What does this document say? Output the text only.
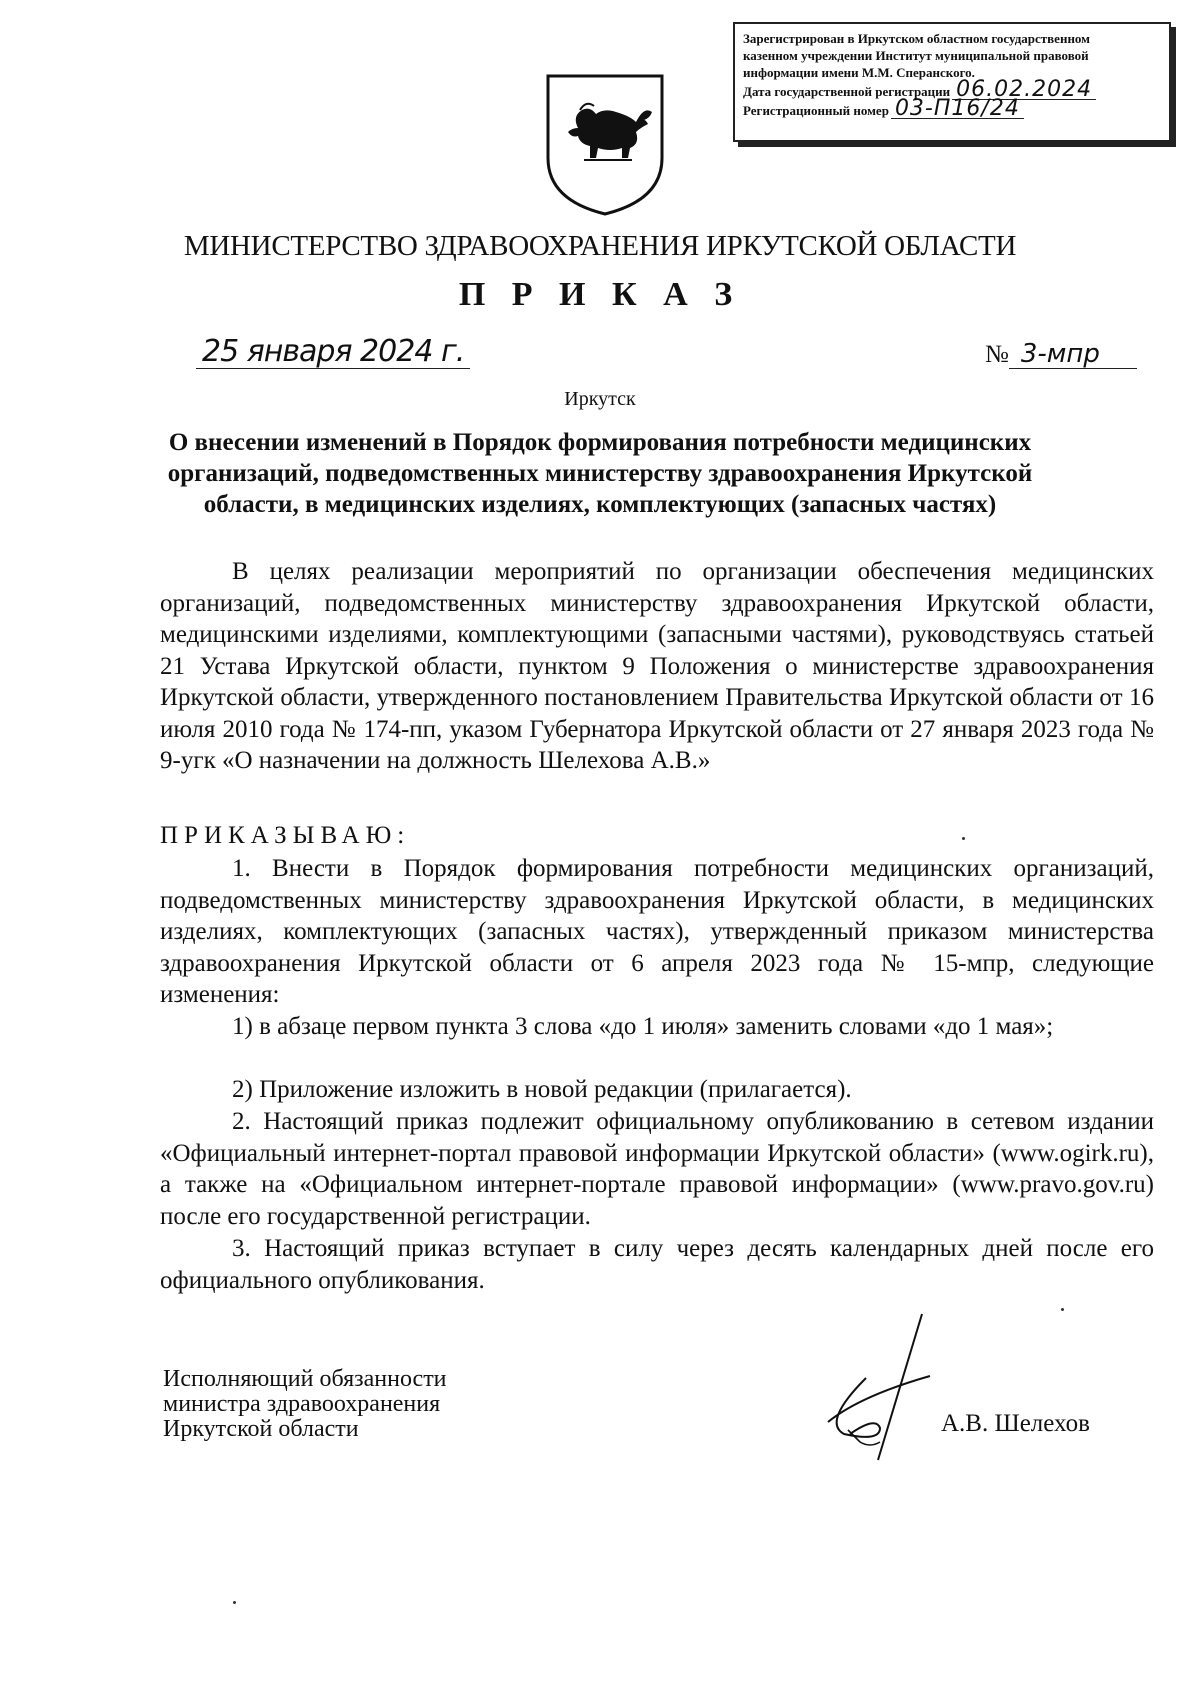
Зарегистрирован в Иркутском областном государственном
казенном учреждении Институт муниципальной правовой
информации имени М.М. Сперанского.
Дата государственной регистрации 06.02.2024
Регистрационный номер 03-П16/24
МИНИСТЕРСТВО ЗДРАВООХРАНЕНИЯ ИРКУТСКОЙ ОБЛАСТИ
П Р И К А З
25 января 2024 г.	№ 3-мпр
Иркутск
О внесении изменений в Порядок формирования потребности медицинских организаций, подведомственных министерству здравоохранения Иркутской области, в медицинских изделиях, комплектующих (запасных частях)
В целях реализации мероприятий по организации обеспечения медицинских организаций, подведомственных министерству здравоохранения Иркутской области, медицинскими изделиями, комплектующими (запасными частями), руководствуясь статьей 21 Устава Иркутской области, пунктом 9 Положения о министерстве здравоохранения Иркутской области, утвержденного постановлением Правительства Иркутской области от 16 июля 2010 года № 174-пп, указом Губернатора Иркутской области от 27 января 2023 года № 9-угк «О назначении на должность Шелехова А.В.»
ПРИКАЗЫВАЮ:
1. Внести в Порядок формирования потребности медицинских организаций, подведомственных министерству здравоохранения Иркутской области, в медицинских изделиях, комплектующих (запасных частях), утвержденный приказом министерства здравоохранения Иркутской области от 6 апреля 2023 года № 15-мпр, следующие изменения:
1) в абзаце первом пункта 3 слова «до 1 июля» заменить словами «до 1 мая»;
2) Приложение изложить в новой редакции (прилагается).
2. Настоящий приказ подлежит официальному опубликованию в сетевом издании «Официальный интернет-портал правовой информации Иркутской области» (www.ogirk.ru), а также на «Официальном интернет-портале правовой информации» (www.pravo.gov.ru) после его государственной регистрации.
3. Настоящий приказ вступает в силу через десять календарных дней после его официального опубликования.
Исполняющий обязанности
министра здравоохранения
Иркутской области	А.В. Шелехов
